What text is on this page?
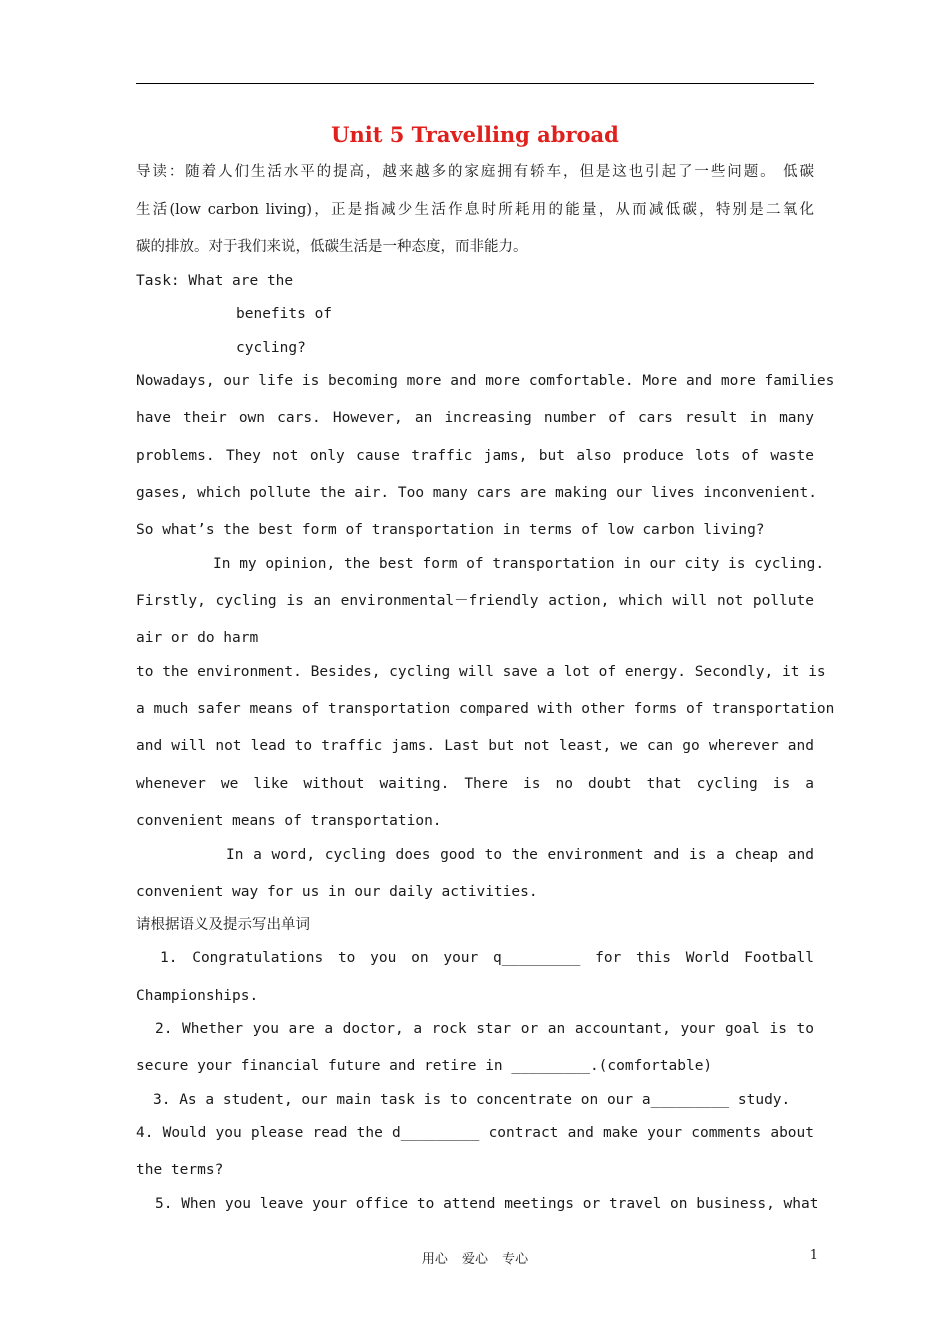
Unit 5 Travelling abroad
导读：随着人们生活水平的提高，越来越多的家庭拥有轿车，但是这也引起了一些问题。 低碳
生活(low carbon living)，正是指减少生活作息时所耗用的能量，从而减低碳，特别是二氧化
碳的排放。对于我们来说，低碳生活是一种态度，而非能力。
Task: What are the
benefits of
cycling?
Nowadays, our life is becoming more and more comfortable. More and more families
have their own cars. However, an increasing number of cars result in many
problems. They not only cause traffic jams, but also produce lots of waste
gases, which pollute the air. Too many cars are making our lives inconvenient.
So what’s the best form of transportation in terms of low carbon living?
In my opinion, the best form of transportation in our city is cycling.
Firstly, cycling is an environmental－friendly action, which will not pollute
air or do harm
to the environment. Besides, cycling will save a lot of energy. Secondly, it is
a much safer means of transportation compared with other forms of transportation
and will not lead to traffic jams. Last but not least, we can go wherever and
whenever we like without waiting. There is no doubt that cycling is a
convenient means of transportation.
In a word, cycling does good to the environment and is a cheap and
convenient way for us in our daily activities.
请根据语义及提示写出单词
1. Congratulations to you on your q_________ for this World Football
Championships.
2. Whether you are a doctor, a rock star or an accountant, your goal is to
secure your financial future and retire in _________.(comfortable)
3. As a student, our main task is to concentrate on our a_________ study.
4. Would you please read the d_________ contract and make your comments about
the terms?
5. When you leave your office to attend meetings or travel on business, what
用心 爱心 专心	1
